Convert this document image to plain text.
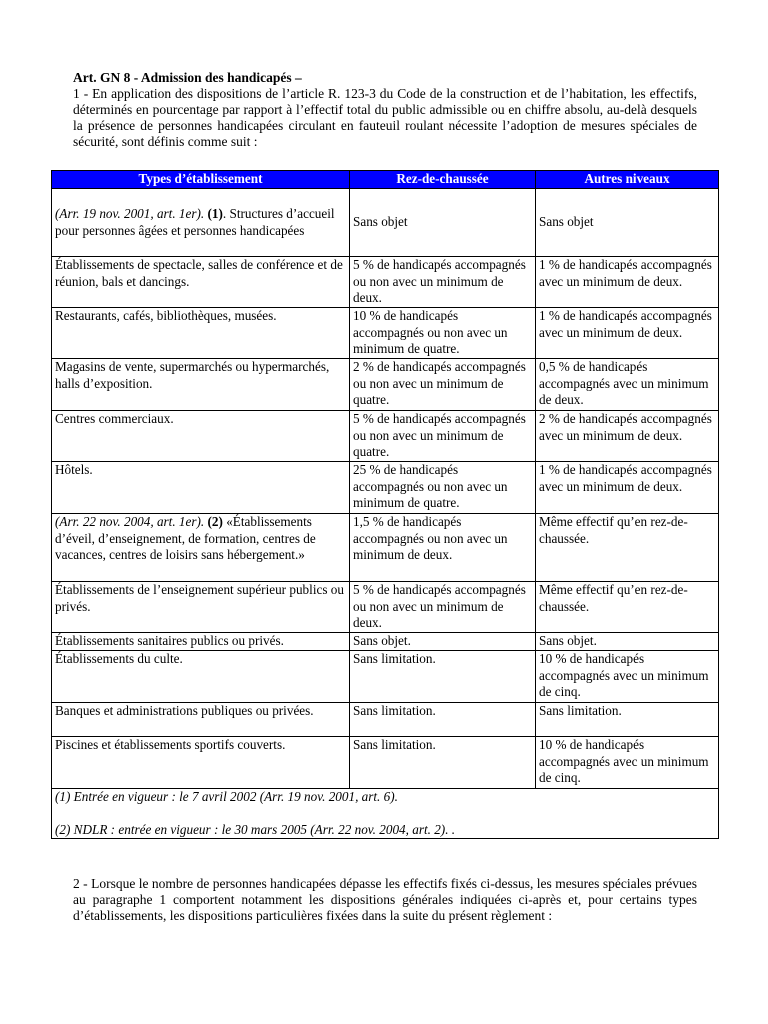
Art. GN 8 - Admission des handicapés –

1 - En application des dispositions de l’article R. 123-3 du Code de la construction et de l’habitation, les effectifs, déterminés en pourcentage par rapport à l’effectif total du public admissible ou en chiffre absolu, au-delà desquels la présence de personnes handicapées circulant en fauteuil roulant nécessite l’adoption de mesures spéciales de sécurité, sont définis comme suit :

Types d’établissement	Rez-de-chaussée	Autres niveaux
(Arr. 19 nov. 2001, art. 1er). (1). Structures d’accueil pour personnes âgées et personnes handicapées	Sans objet	Sans objet
Établissements de spectacle, salles de conférence et de réunion, bals et dancings.	5 % de handicapés accompagnés ou non avec un minimum de deux.	1 % de handicapés accompagnés avec un minimum de deux.
Restaurants, cafés, bibliothèques, musées.	10 % de handicapés accompagnés ou non avec un minimum de quatre.	1 % de handicapés accompagnés avec un minimum de deux.
Magasins de vente, supermarchés ou hypermarchés, halls d’exposition.	2 % de handicapés accompagnés ou non avec un minimum de quatre.	0,5 % de handicapés accompagnés avec un minimum de deux.
Centres commerciaux.	5 % de handicapés accompagnés ou non avec un minimum de quatre.	2 % de handicapés accompagnés avec un minimum de deux.
Hôtels.	25 % de handicapés accompagnés ou non avec un minimum de quatre.	1 % de handicapés accompagnés avec un minimum de deux.
(Arr. 22 nov. 2004, art. 1er). (2) «Établissements d’éveil, d’enseignement, de formation, centres de vacances, centres de loisirs sans hébergement.»	1,5 % de handicapés accompagnés ou non avec un minimum de deux.	Même effectif qu’en rez-de-chaussée.
Établissements de l’enseignement supérieur publics ou privés.	5 % de handicapés accompagnés ou non avec un minimum de deux.	Même effectif qu’en rez-de-chaussée.
Établissements sanitaires publics ou privés.	Sans objet.	Sans objet.
Établissements du culte.	Sans limitation.	10 % de handicapés accompagnés avec un minimum de cinq.
Banques et administrations publiques ou privées.	Sans limitation.	Sans limitation.
Piscines et établissements sportifs couverts.	Sans limitation.	10 % de handicapés accompagnés avec un minimum de cinq.

(1) Entrée en vigueur : le 7 avril 2002 (Arr. 19 nov. 2001, art. 6).
(2) NDLR : entrée en vigueur : le 30 mars 2005 (Arr. 22 nov. 2004, art. 2). .		

2 - Lorsque le nombre de personnes handicapées dépasse les effectifs fixés ci-dessus, les mesures spéciales prévues au paragraphe 1 comportent notamment les dispositions générales indiquées ci-après et, pour certains types d’établissements, les dispositions particulières fixées dans la suite du présent règlement :
